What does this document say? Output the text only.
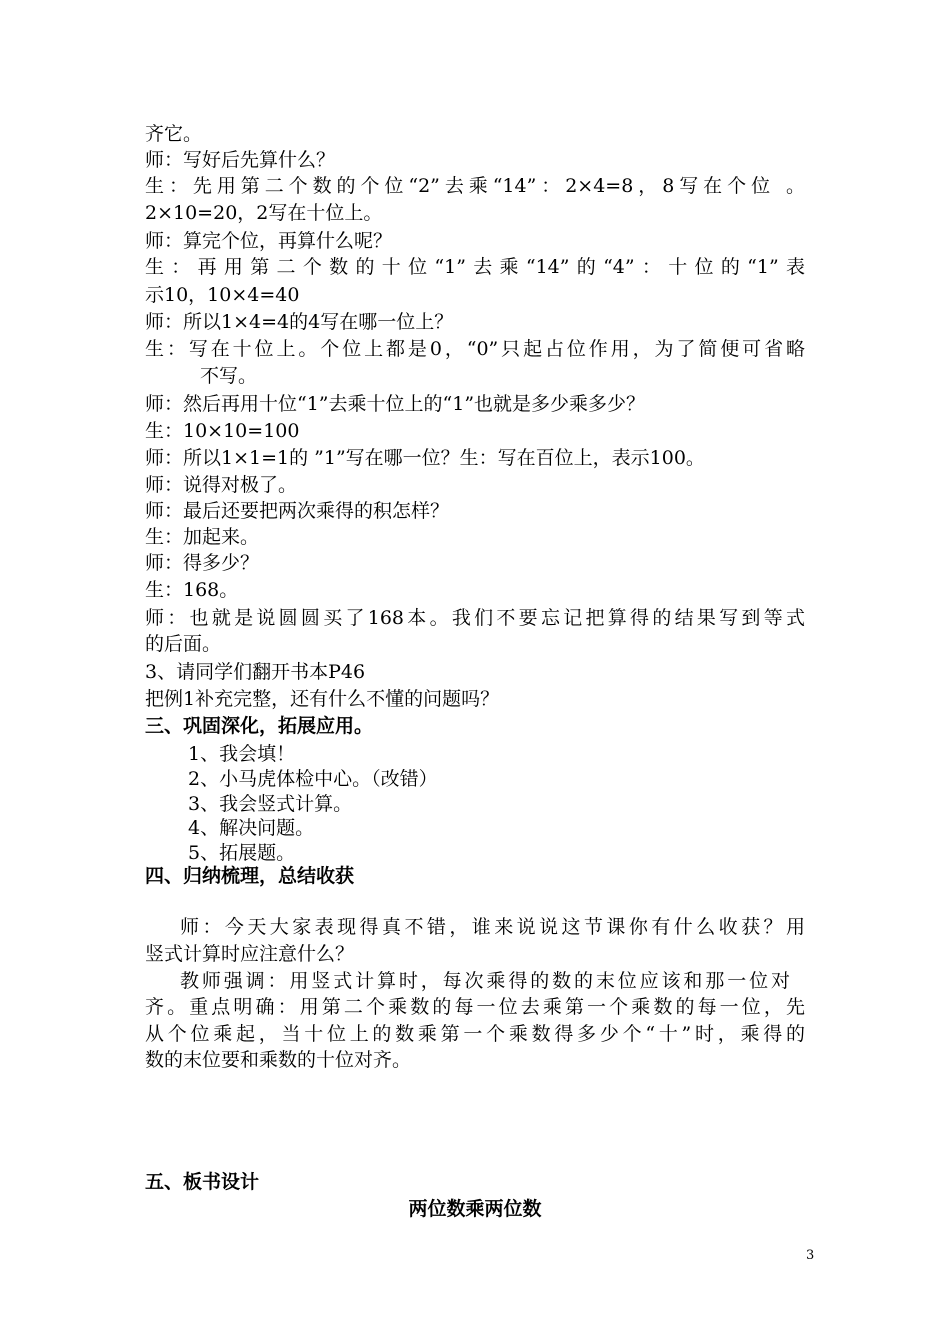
齐它。
师：写好后先算什么？
生：先用第二个数的个位“2”去乘“14”：2×4=8，8写在个位 。
2×10=20，2写在十位上。
师：算完个位，再算什么呢？
生：再用第二个数的十位“1”去乘“14”的“4”：十位的“1”表
示10，10×4=40
师：所以1×4=4的4写在哪一位上？
生：写在十位上。个位上都是0，“0”只起占位作用，为了简便可省略
不写。
师：然后再用十位“1”去乘十位上的“1”也就是多少乘多少？
生：10×10=100
师：所以1×1=1的 ”1”写在哪一位？生：写在百位上，表示100。
师：说得对极了。
师：最后还要把两次乘得的积怎样？
生：加起来。
师：得多少？
生：168。
师：也就是说圆圆买了168本。我们不要忘记把算得的结果写到等式
的后面。
3、请同学们翻开书本P46
把例1补充完整，还有什么不懂的问题吗？
三、巩固深化，拓展应用。
1、我会填！
2、小马虎体检中心。（改错）
3、我会竖式计算。
4、解决问题。
5、拓展题。
四、归纳梳理，总结收获
师：今天大家表现得真不错，谁来说说这节课你有什么收获？用
竖式计算时应注意什么？
教师强调：用竖式计算时，每次乘得的数的末位应该和那一位对
齐。重点明确：用第二个乘数的每一位去乘第一个乘数的每一位，先
从个位乘起，当十位上的数乘第一个乘数得多少个“十”时，乘得的
数的末位要和乘数的十位对齐。
五、板书设计
两位数乘两位数
3
